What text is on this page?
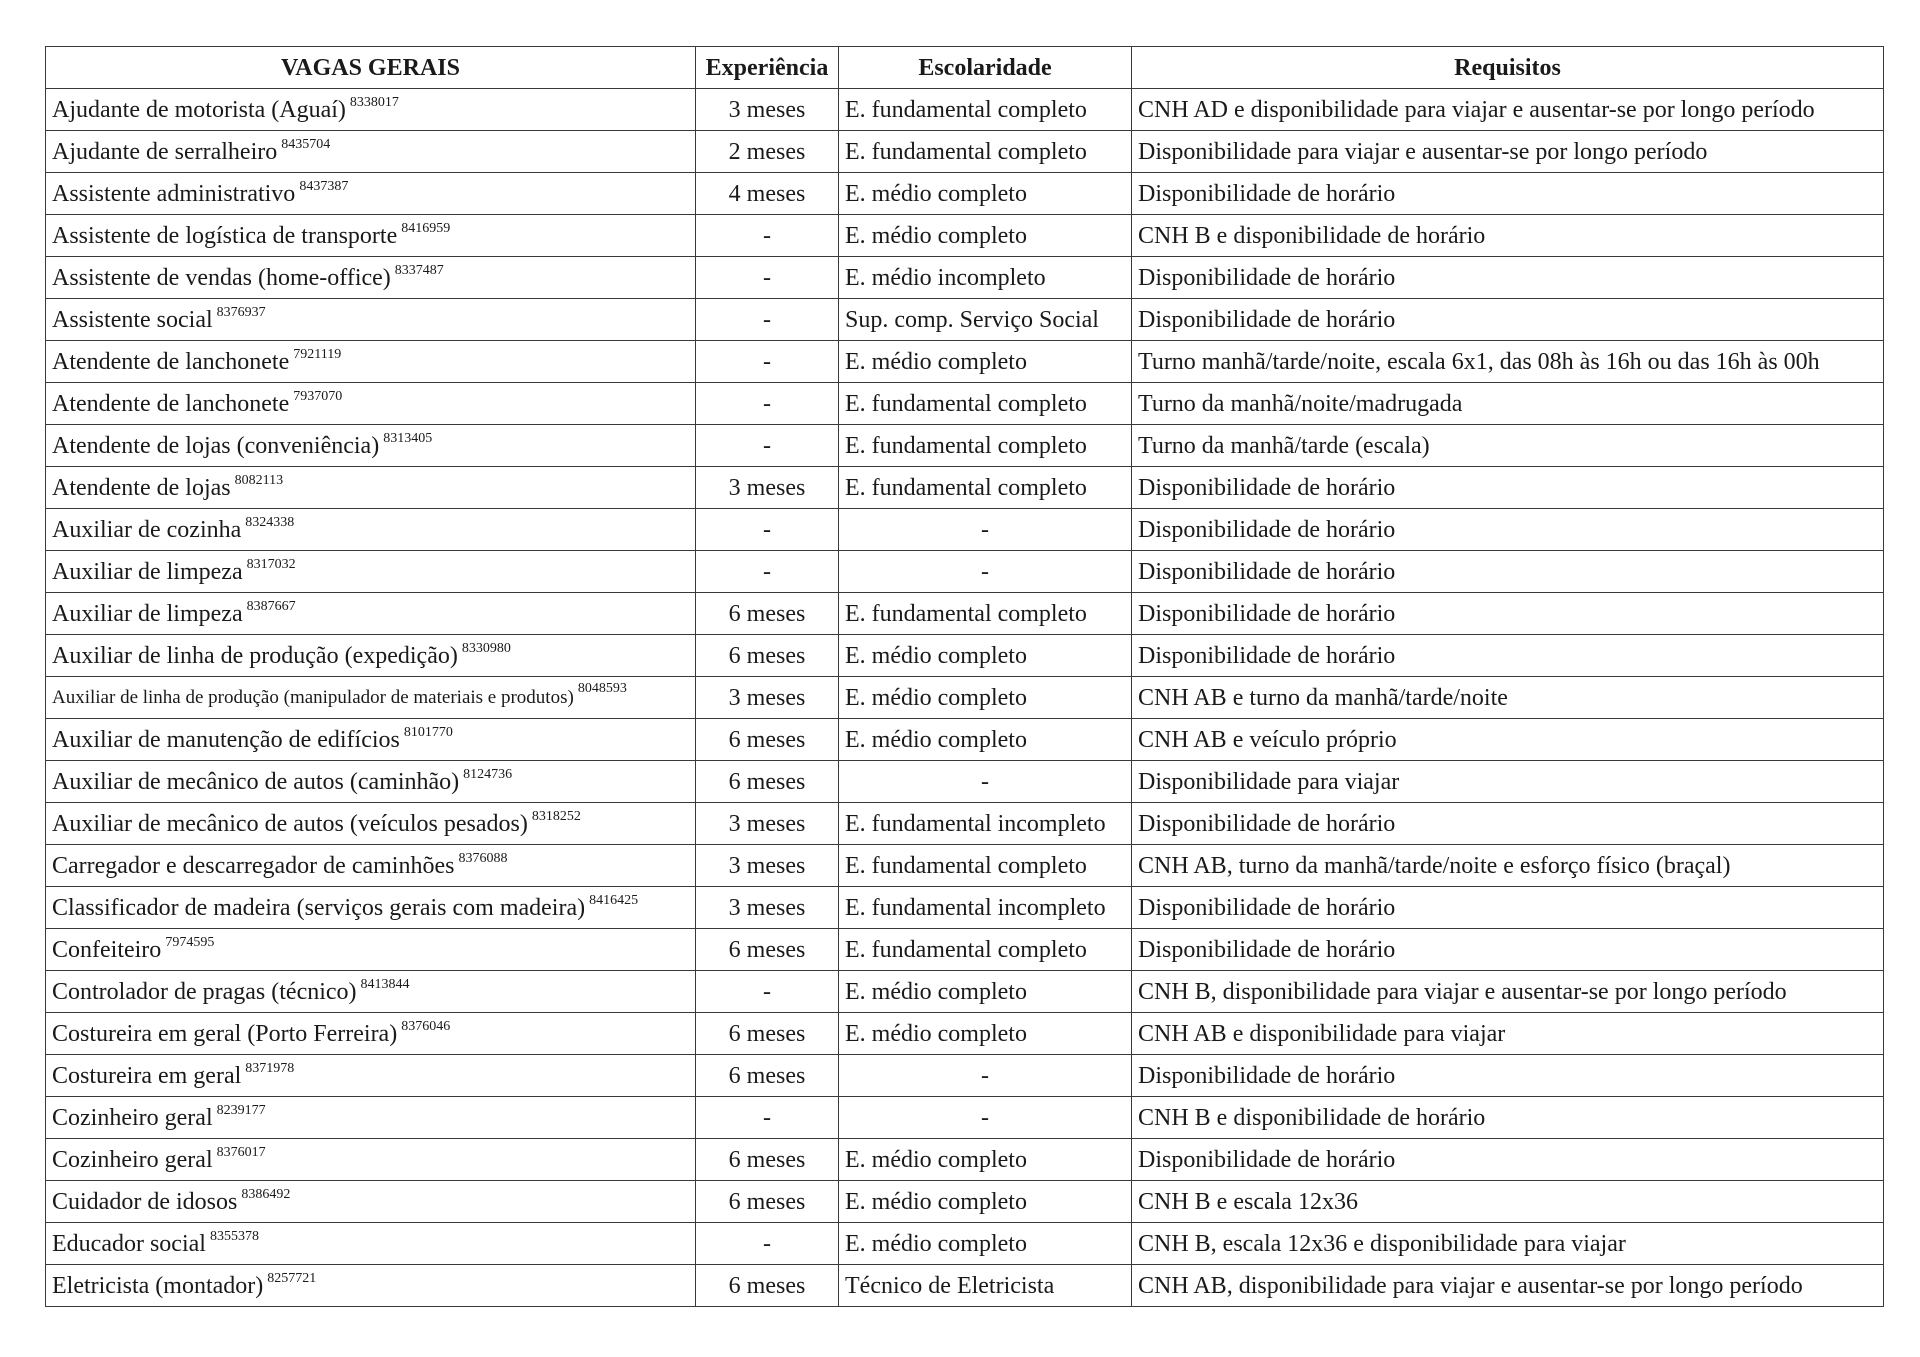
VAGAS GERAIS	Experiência	Escolaridade	Requisitos
Ajudante de motorista (Aguaí) $^{8338017}$	3 meses	E. fundamental completo	CNH AD e disponibilidade para viajar e ausentar-se por longo período
Ajudante de serralheiro $^{8435704}$	2 meses	E. fundamental completo	Disponibilidade para viajar e ausentar-se por longo período
Assistente administrativo $^{8437387}$	4 meses	E. médio completo	Disponibilidade de horário
Assistente de logística de transporte $^{8416959}$	-	E. médio completo	CNH B e disponibilidade de horário
Assistente de vendas (home-office) $^{8337487}$	-	E. médio incompleto	Disponibilidade de horário
Assistente social $^{8376937}$	-	Sup. comp. Serviço Social	Disponibilidade de horário
Atendente de lanchonete $^{7921119}$	-	E. médio completo	Turno manhã/tarde/noite, escala 6x1, das 08h às 16h ou das 16h às 00h
Atendente de lanchonete $^{7937070}$	-	E. fundamental completo	Turno da manhã/noite/madrugada
Atendente de lojas (conveniência) $^{8313405}$	-	E. fundamental completo	Turno da manhã/tarde (escala)
Atendente de lojas $^{8082113}$	3 meses	E. fundamental completo	Disponibilidade de horário
Auxiliar de cozinha $^{8324338}$	-	-	Disponibilidade de horário
Auxiliar de limpeza $^{8317032}$	-	-	Disponibilidade de horário
Auxiliar de limpeza $^{8387667}$	6 meses	E. fundamental completo	Disponibilidade de horário
Auxiliar de linha de produção (expedição) $^{8330980}$	6 meses	E. médio completo	Disponibilidade de horário
Auxiliar de linha de produção (manipulador de materiais e produtos) $^{8048593}$	3 meses	E. médio completo	CNH AB e turno da manhã/tarde/noite
Auxiliar de manutenção de edifícios $^{8101770}$	6 meses	E. médio completo	CNH AB e veículo próprio
Auxiliar de mecânico de autos (caminhão) $^{8124736}$	6 meses	-	Disponibilidade para viajar
Auxiliar de mecânico de autos (veículos pesados) $^{8318252}$	3 meses	E. fundamental incompleto	Disponibilidade de horário
Carregador e descarregador de caminhões $^{8376088}$	3 meses	E. fundamental completo	CNH AB, turno da manhã/tarde/noite e esforço físico (braçal)
Classificador de madeira (serviços gerais com madeira) $^{8416425}$	3 meses	E. fundamental incompleto	Disponibilidade de horário
Confeiteiro $^{7974595}$	6 meses	E. fundamental completo	Disponibilidade de horário
Controlador de pragas (técnico) $^{8413844}$	-	E. médio completo	CNH B, disponibilidade para viajar e ausentar-se por longo período
Costureira em geral (Porto Ferreira) $^{8376046}$	6 meses	E. médio completo	CNH AB e disponibilidade para viajar
Costureira em geral $^{8371978}$	6 meses	-	Disponibilidade de horário
Cozinheiro geral $^{8239177}$	-	-	CNH B e disponibilidade de horário
Cozinheiro geral $^{8376017}$	6 meses	E. médio completo	Disponibilidade de horário
Cuidador de idosos $^{8386492}$	6 meses	E. médio completo	CNH B e escala 12x36
Educador social $^{8355378}$	-	E. médio completo	CNH B, escala 12x36 e disponibilidade para viajar
Eletricista (montador) $^{8257721}$	6 meses	Técnico de Eletricista	CNH AB, disponibilidade para viajar e ausentar-se por longo período
